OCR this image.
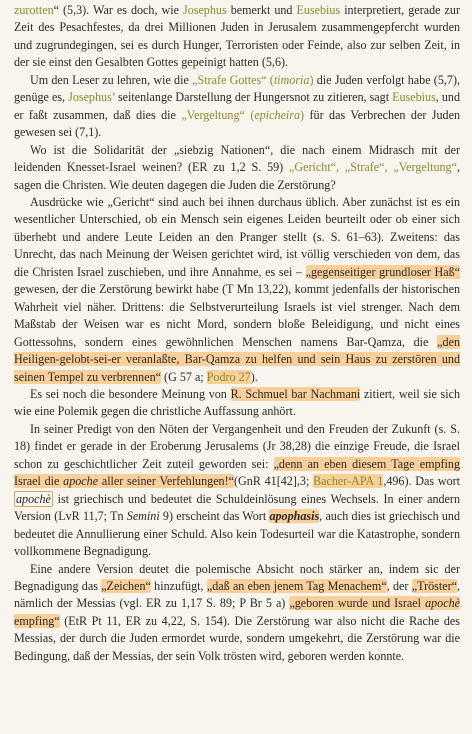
zurotten“ (5,3). War es doch, wie Josephus bemerkt und Eusebius interpretiert, gerade zur Zeit des Pesachfestes, da drei Millionen Juden in Jerusalem zusammengepfercht wurden und zugrundegingen, sei es durch Hunger, Terroristen oder Feinde, also zur selben Zeit, in der sie einst den Gesalbten Gottes gepeinigt hatten (5,6).

Um den Leser zu lehren, wie die „Strafe Gottes“ (timoria) die Juden verfolgt habe (5,7), genüge es, Josephus’ seitenlange Darstellung der Hungersnot zu zitieren, sagt Eusebius, und er faßt zusammen, daß dies die „Vergeltung“ (epicheira) für das Verbrechen der Juden gewesen sei (7,1).

Wo ist die Solidarität der „siebzig Nationen“, die nach einem Midrasch mit der leidenden Knesset-Israel weinen? (ER zu 1,2 S. 59) „Gericht“, „Strafe“, „Vergeltung“, sagen die Christen. Wie deuten dagegen die Juden die Zerstörung?

Ausdrücke wie „Gericht“ sind auch bei ihnen durchaus üblich. Aber zunächst ist es ein wesentlicher Unterschied, ob ein Mensch sein eigenes Leiden beurteilt oder ob einer sich überhebt und andere Leute Leiden an den Pranger stellt (s. S. 61–63). Zweitens: das Unrecht, das nach Meinung der Weisen gerichtet wird, ist völlig verschieden von dem, das die Christen Israel zuschieben, und ihre Annahme, es sei – „gegenseitiger grundloser Haß“ gewesen, der die Zerstörung bewirkt habe (T Mn 13,22), kommt jedenfalls der historischen Wahrheit viel näher. Drittens: die Selbstverurteilung Israels ist viel strenger. Nach dem Maßstab der Weisen war es nicht Mord, sondern bloße Beleidigung, und nicht eines Gottessohns, sondern eines gewöhnlichen Menschen namens Bar-Qamza, die „den Heiligen-gelobt-sei-er veranlaßte, Bar-Qamza zu helfen und sein Haus zu zerstören und seinen Tempel zu verbrennen“ (G 57 a; Podro 27).

Es sei noch die besondere Meinung von R. Schmuel bar Nachmani zitiert, weil sie sich wie eine Polemik gegen die christliche Auffassung anhört.

In seiner Predigt von den Nöten der Vergangenheit und den Freuden der Zukunft (s. S. 18) findet er gerade in der Eroberung Jerusalems (Jr 38,28) die einzige Freude, die Israel schon zu geschichtlicher Zeit zuteil geworden sei: „denn an eben diesem Tage empfing Israel die apoche aller seiner Verfehlungen!“(GnR 41[42],3; Bacher-APA 1,496). Das wort apochè ist griechisch und bedeutet die Schuldeinlösung eines Wechsels. In einer andern Version (LvR 11,7; Tn Semini 9) erscheint das Wort apophasis, auch dies ist griechisch und bedeutet die Annullierung einer Schuld. Also kein Todesurteil war die Katastrophe, sondern vollkommene Begnadigung.

Eine andere Version deutet die polemische Absicht noch stärker an, indem sic der Begnadigung das „Zeichen“ hinzufügt, „daß an eben jenem Tag Menachem“, der „Tröster“, nämlich der Messias (vgl. ER zu 1,17 S. 89; P Br 5 a) „geboren wurde und Israel apochè empfing“ (EtR Pt 11, ER zu 4,22, S. 154). Die Zerstörung war also nicht die Rache des Messias, der durch die Juden ermordet wurde, sondern umgekehrt, die Zerstörung war die Bedingung, daß der Messias, der sein Volk trösten wird, geboren werden konnte.
